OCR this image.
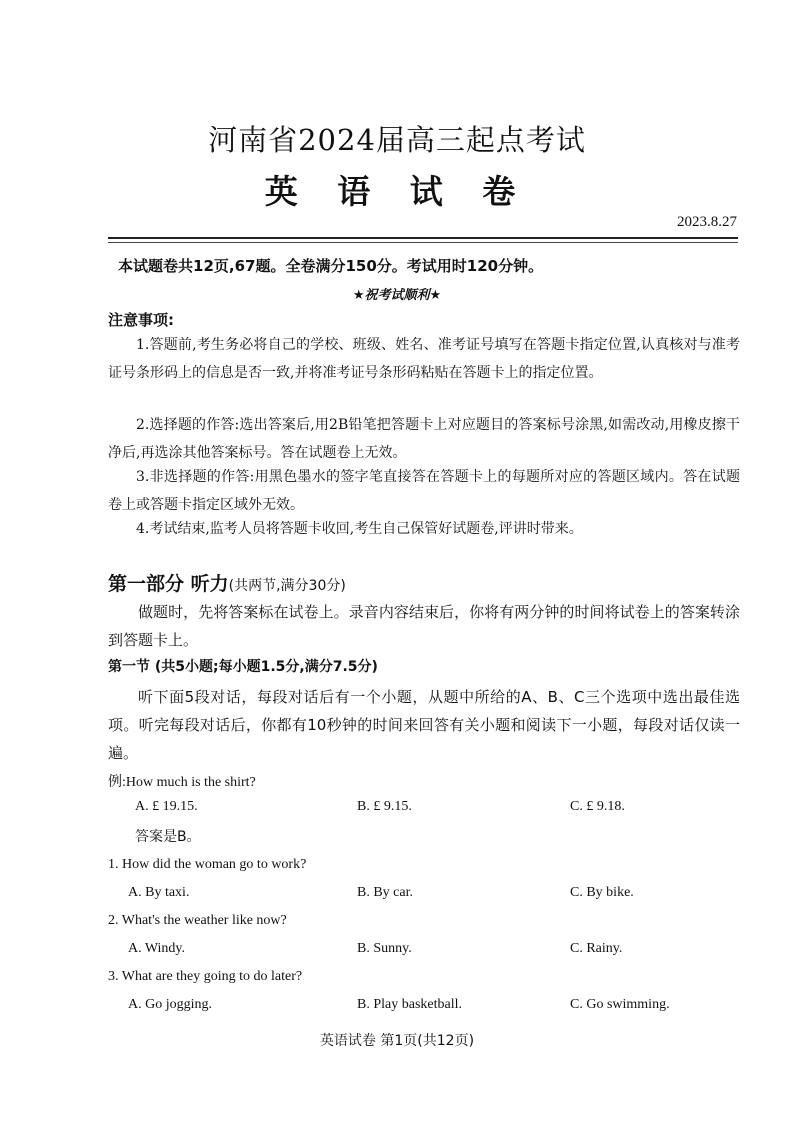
河南省2024届高三起点考试
英 语 试 卷
2023.8.27
本试题卷共12页,67题。全卷满分150分。考试用时120分钟。
★祝考试顺利★
注意事项:
1.答题前,考生务必将自己的学校、班级、姓名、准考证号填写在答题卡指定位置,认真核对与准考证号条形码上的信息是否一致,并将准考证号条形码粘贴在答题卡上的指定位置。
2.选择题的作答:选出答案后,用2B铅笔把答题卡上对应题目的答案标号涂黑,如需改动,用橡皮擦干净后,再选涂其他答案标号。答在试题卷上无效。
3.非选择题的作答:用黑色墨水的签字笔直接答在答题卡上的每题所对应的答题区域内。答在试题卷上或答题卡指定区域外无效。
4.考试结束,监考人员将答题卡收回,考生自己保管好试题卷,评讲时带来。
第一部分 听力(共两节,满分30分)
做题时，先将答案标在试卷上。录音内容结束后，你将有两分钟的时间将试卷上的答案转涂到答题卡上。
第一节 (共5小题;每小题1.5分,满分7.5分)
听下面5段对话，每段对话后有一个小题，从题中所给的A、B、C三个选项中选出最佳选项。听完每段对话后，你都有10秒钟的时间来回答有关小题和阅读下一小题，每段对话仅读一遍。
例:How much is the shirt?
A. £ 19.15.	B. £ 9.15.	C. £ 9.18.
答案是B。
1. How did the woman go to work?
A. By taxi.	B. By car.	C. By bike.
2. What's the weather like now?
A. Windy.	B. Sunny.	C. Rainy.
3. What are they going to do later?
A. Go jogging.	B. Play basketball.	C. Go swimming.
英语试卷 第1页(共12页)
